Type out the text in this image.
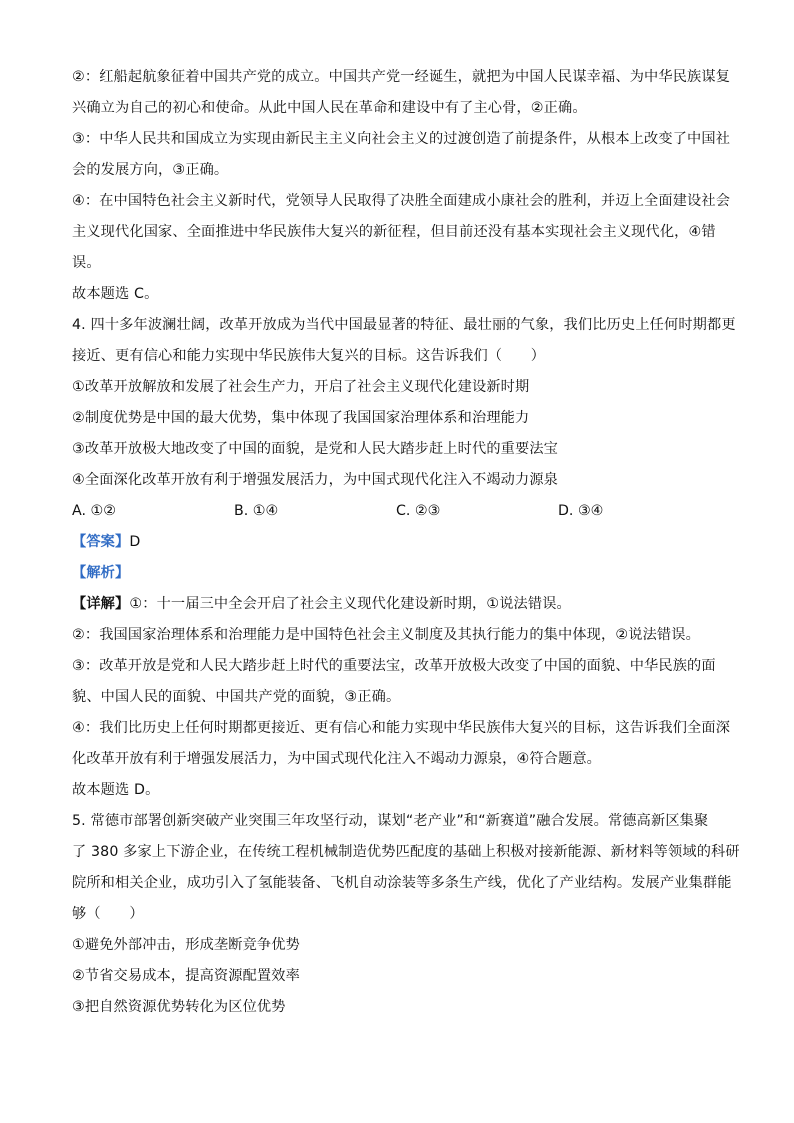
②：红船起航象征着中国共产党的成立。中国共产党一经诞生，就把为中国人民谋幸福、为中华民族谋复
兴确立为自己的初心和使命。从此中国人民在革命和建设中有了主心骨，②正确。
③：中华人民共和国成立为实现由新民主主义向社会主义的过渡创造了前提条件，从根本上改变了中国社
会的发展方向，③正确。
④：在中国特色社会主义新时代，党领导人民取得了决胜全面建成小康社会的胜利，并迈上全面建设社会
主义现代化国家、全面推进中华民族伟大复兴的新征程，但目前还没有基本实现社会主义现代化，④错
误。
故本题选 C。
4. 四十多年波澜壮阔，改革开放成为当代中国最显著的特征、最壮丽的气象，我们比历史上任何时期都更
接近、更有信心和能力实现中华民族伟大复兴的目标。这告诉我们（　　）
①改革开放解放和发展了社会生产力，开启了社会主义现代化建设新时期
②制度优势是中国的最大优势，集中体现了我国国家治理体系和治理能力
③改革开放极大地改变了中国的面貌，是党和人民大踏步赶上时代的重要法宝
④全面深化改革开放有利于增强发展活力，为中国式现代化注入不竭动力源泉
A. ①②	B. ①④	C. ②③	D. ③④
【答案】D
【解析】
【详解】①：十一届三中全会开启了社会主义现代化建设新时期，①说法错误。
②：我国国家治理体系和治理能力是中国特色社会主义制度及其执行能力的集中体现，②说法错误。
③：改革开放是党和人民大踏步赶上时代的重要法宝，改革开放极大改变了中国的面貌、中华民族的面
貌、中国人民的面貌、中国共产党的面貌，③正确。
④：我们比历史上任何时期都更接近、更有信心和能力实现中华民族伟大复兴的目标，这告诉我们全面深
化改革开放有利于增强发展活力，为中国式现代化注入不竭动力源泉，④符合题意。
故本题选 D。
5. 常德市部署创新突破产业突围三年攻坚行动，谋划“老产业”和“新赛道”融合发展。常德高新区集聚
了 380 多家上下游企业，在传统工程机械制造优势匹配度的基础上积极对接新能源、新材料等领域的科研
院所和相关企业，成功引入了氢能装备、飞机自动涂装等多条生产线，优化了产业结构。发展产业集群能
够（　　）
①避免外部冲击，形成垄断竞争优势
②节省交易成本，提高资源配置效率
③把自然资源优势转化为区位优势
